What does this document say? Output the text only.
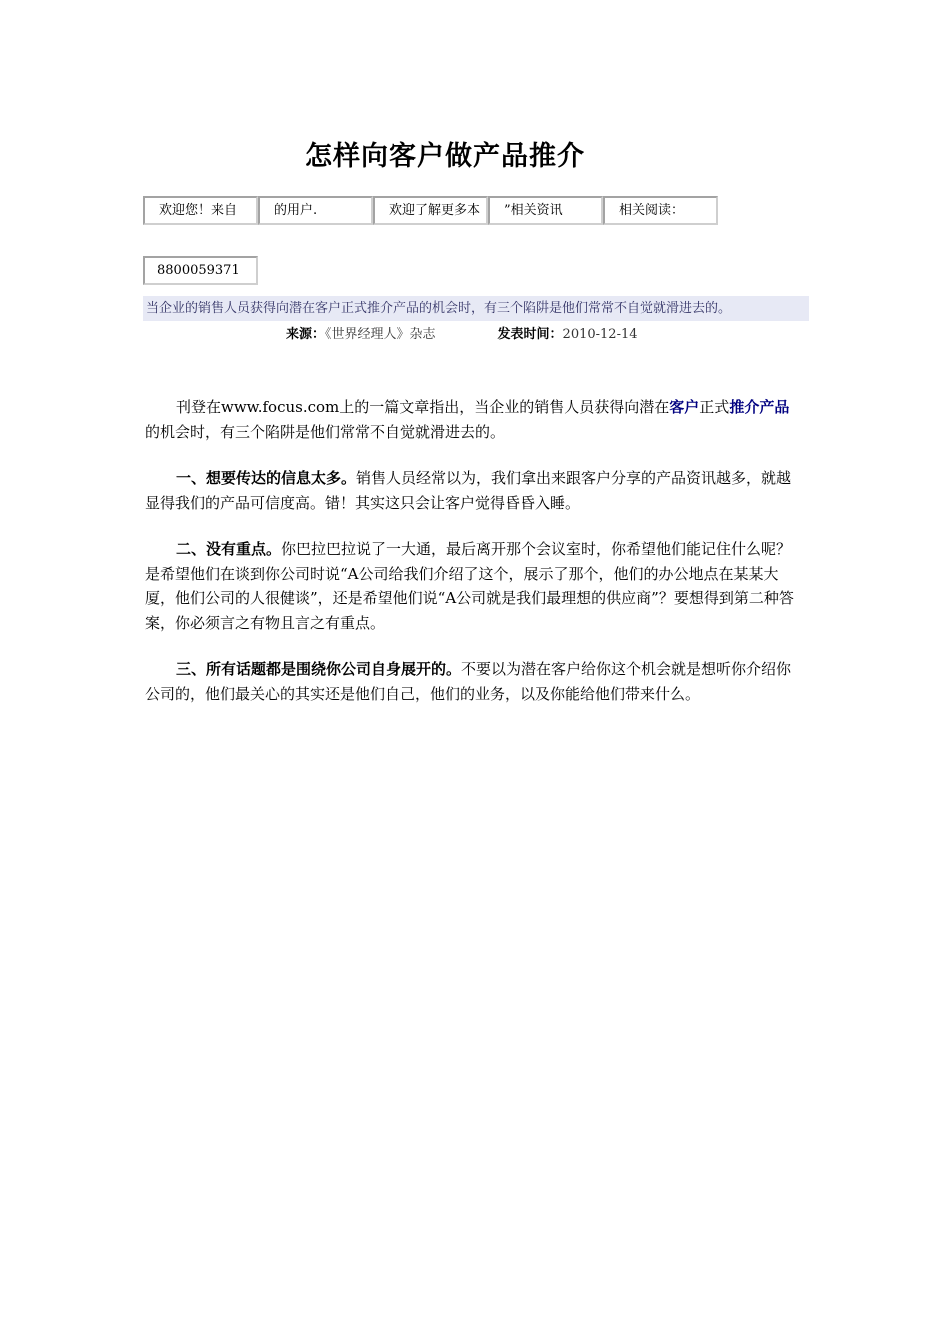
怎样向客户做产品推介
欢迎您！来自	的用户.	欢迎了解更多本	”相关资讯	相关阅读：
8800059371
当企业的销售人员获得向潜在客户正式推介产品的机会时，有三个陷阱是他们常常不自觉就滑进去的。
来源：《世界经理人》杂志	发表时间：2010-12-14

刊登在www.focus.com上的一篇文章指出，当企业的销售人员获得向潜在客户正式推介产品的机会时，有三个陷阱是他们常常不自觉就滑进去的。

一、想要传达的信息太多。销售人员经常以为，我们拿出来跟客户分享的产品资讯越多，就越显得我们的产品可信度高。错！其实这只会让客户觉得昏昏入睡。

二、没有重点。你巴拉巴拉说了一大通，最后离开那个会议室时，你希望他们能记住什么呢？是希望他们在谈到你公司时说“A公司给我们介绍了这个，展示了那个，他们的办公地点在某某大厦，他们公司的人很健谈”，还是希望他们说“A公司就是我们最理想的供应商”？要想得到第二种答案，你必须言之有物且言之有重点。

三、所有话题都是围绕你公司自身展开的。不要以为潜在客户给你这个机会就是想听你介绍你公司的，他们最关心的其实还是他们自己，他们的业务，以及你能给他们带来什么。
